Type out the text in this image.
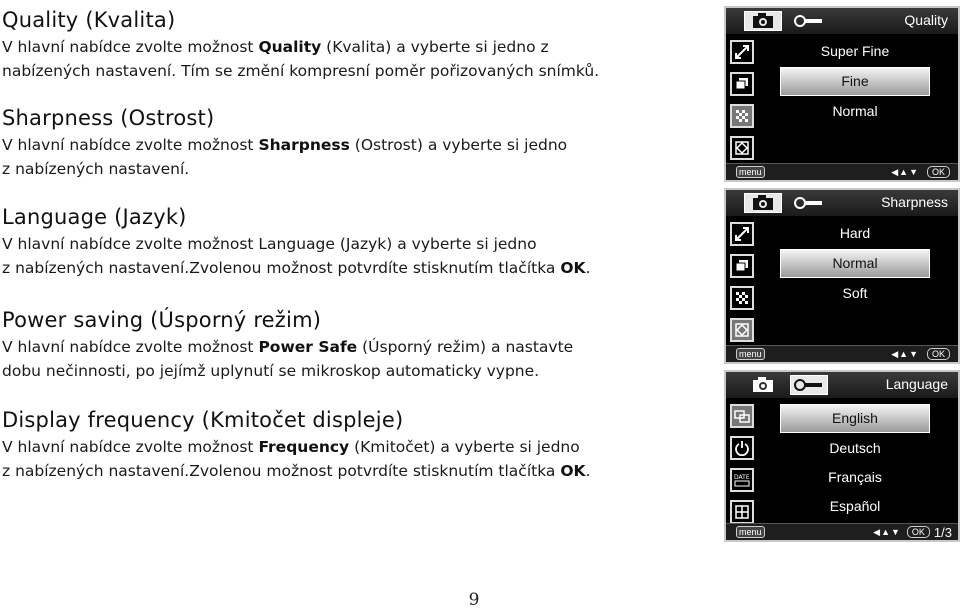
Quality (Kvalita)

V hlavní nabídce zvolte možnost Quality (Kvalita) a vyberte si jedno z

nabízených nastavení. Tím se změní kompresní poměr pořizovaných snímků.

Sharpness (Ostrost)

V hlavní nabídce zvolte možnost Sharpness (Ostrost) a vyberte si jedno

z nabízených nastavení.

Language (Jazyk)

V hlavní nabídce zvolte možnost Language (Jazyk) a vyberte si jedno

z nabízených nastavení.Zvolenou možnost potvrdíte stisknutím tlačítka OK.

Power saving (Úsporný režim)

V hlavní nabídce zvolte možnost Power Safe (Úsporný režim) a nastavte

dobu nečinnosti, po jejímž uplynutí se mikroskop automaticky vypne.

Display frequency (Kmitočet displeje)

V hlavní nabídce zvolte možnost Frequency (Kmitočet) a vyberte si jedno

z nabízených nastavení.Zvolenou možnost potvrdíte stisknutím tlačítka OK.

Quality
Super Fine
Fine
Normal
menu	◀▲▼	OK
Sharpness
Hard
Normal
Soft
menu	◀▲▼	OK
Language
DATE
English
Deutsch
Français
Español
menu	◀▲▼	OK 1/3
9
